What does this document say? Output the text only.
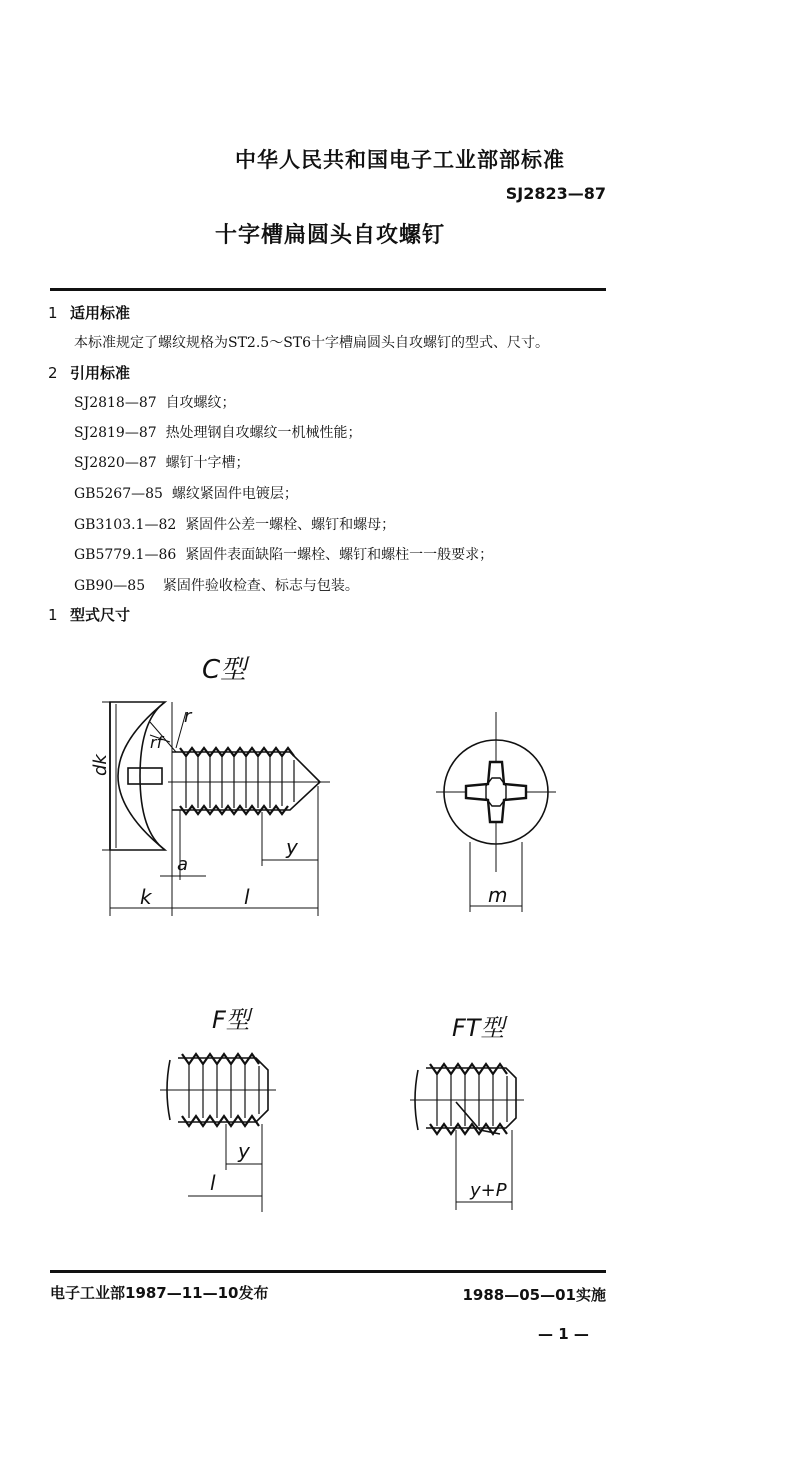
中华人民共和国电子工业部部标准
SJ2823—87
十字槽扁圆头自攻螺钉
1 适用标准
本标准规定了螺纹规格为ST2.5～ST6十字槽扁圆头自攻螺钉的型式、尺寸。
2 引用标准
SJ2818—87 自攻螺纹；
SJ2819—87 热处理钢自攻螺纹一机械性能；
SJ2820—87 螺钉十字槽；
GB5267—85 螺纹紧固件电镀层；
GB3103.1—82 紧固件公差一螺栓、螺钉和螺母；
GB5779.1—86 紧固件表面缺陷一螺栓、螺钉和螺柱一一般要求；
GB90—85 紧固件验收检查、标志与包装。
1 型式尺寸
C型
dk
r
rf
a
y
k	l	m
F型
y
l
FT型
y+P
电子工业部1987—11—10发布	1988—05—01实施
— 1 —
